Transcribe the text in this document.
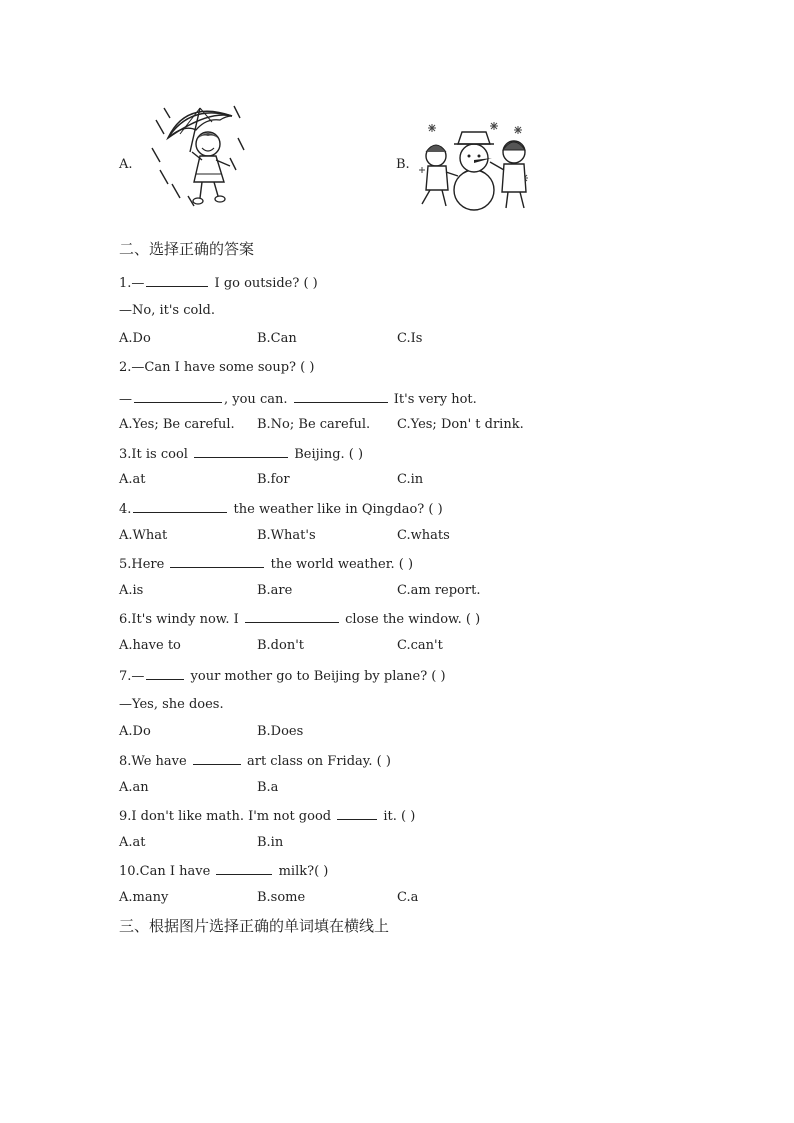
A.	B.
二、选择正确的答案
1.—	I go outside? ( )
—No, it's cold.
A.Do	B.Can	C.Is
2.—Can I have some soup? ( )
—	, you can.	It's very hot.
A.Yes; Be careful. B.No; Be careful. C.Yes; Don' t drink.
3.It is cool	Beijing. ( )
A.at	B.for	C.in
4.	the weather like in Qingdao? ( )
A.What	B.What's	C.whats
5.Here	the world weather. ( )
A.is	B.are	C.am report.
6.It's windy now. I	close the window. ( )
A.have to	B.don't	C.can't
7.—	your mother go to Beijing by plane? ( )
—Yes, she does.
A.Do	B.Does
8.We have	art class on Friday. ( )
A.an	B.a
9.I don't like math. I'm not good	it. ( )
A.at	B.in
10.Can I have	milk?( )
A.many	B.some	C.a
三、根据图片选择正确的单词填在横线上
